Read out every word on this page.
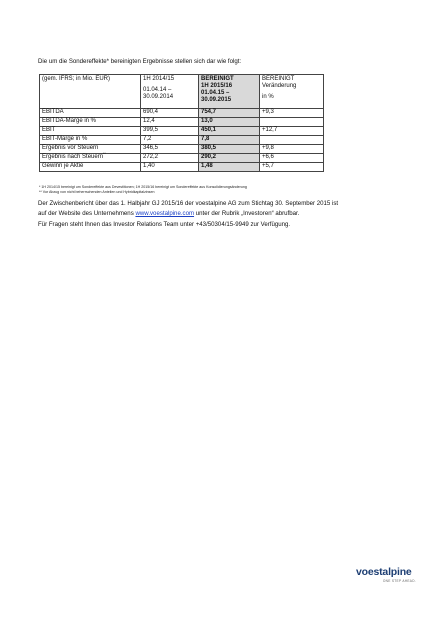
Die um die Sondereffekte* bereinigten Ergebnisse stellen sich dar wie folgt:
(gem. IFRS; in Mio. EUR)	1H 2014/15
01.04.14 –
30.09.2014	BEREINIGT
1H 2015/16
01.04.15 –
30.09.2015	BEREINIGT
Veränderung
in %
EBITDA	690,4	754,7	+9,3
EBITDA-Marge in %	12,4	13,0	
EBIT	399,5	450,1	+12,7
EBIT-Marge in %	7,2	7,8	
Ergebnis vor Steuern	346,5	380,5	+9,8
Ergebnis nach Steuern**	272,2	290,2	+6,6
Gewinn je Aktie	1,40	1,48	+5,7
* 1H 2014/15 bereinigt um Sondereffekte aus Devestitionen; 1H 2015/16 bereinigt um Sondereffekte aus Konsolidierungsänderung
** Vor Abzug von nicht beherrschenden Anteilen und Hybridkapitalzinsen
Der Zwischenbericht über das 1. Halbjahr GJ 2015/16 der voestalpine AG zum Stichtag 30. September 2015 ist
auf der Website des Unternehmens www.voestalpine.com unter der Rubrik „Investoren“ abrufbar.
Für Fragen steht Ihnen das Investor Relations Team unter +43/50304/15-9949 zur Verfügung.
voestalpine
ONE STEP AHEAD.
